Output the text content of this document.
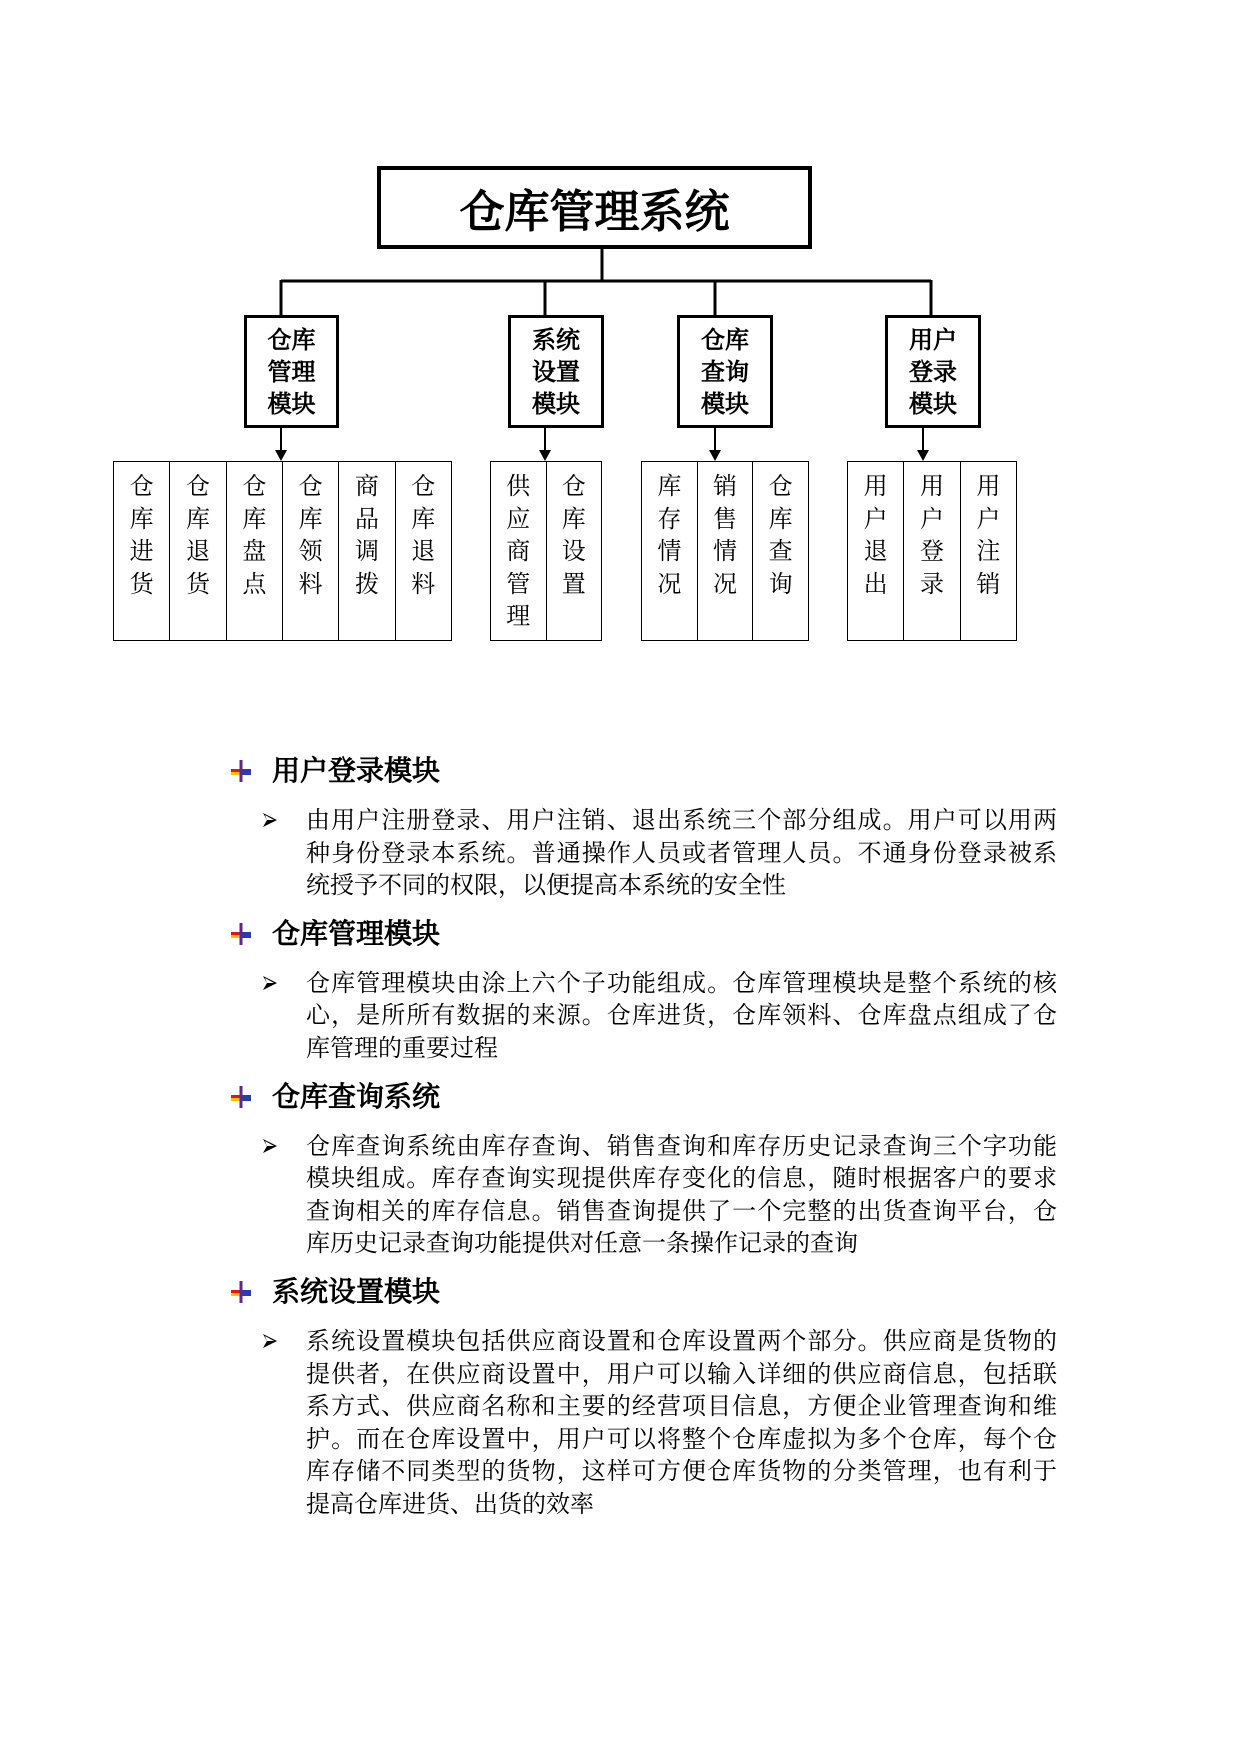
仓库管理系统
仓库管理模块
系统设置模块
仓库查询模块
用户登录模块
仓库进货
仓库退货
仓库盘点
仓库领料
商品调拨
仓库退料
供应商管理
仓库设置
库存情况
销售情况
仓库查询
用户退出
用户登录
用户注销
用户登录模块
由用户注册登录、用户注销、退出系统三个部分组成。用户可以用两
种身份登录本系统。普通操作人员或者管理人员。不通身份登录被系
统授予不同的权限，以便提高本系统的安全性
仓库管理模块
仓库管理模块由涂上六个子功能组成。仓库管理模块是整个系统的核
心，是所所有数据的来源。仓库进货，仓库领料、仓库盘点组成了仓
库管理的重要过程
仓库查询系统
仓库查询系统由库存查询、销售查询和库存历史记录查询三个字功能
模块组成。库存查询实现提供库存变化的信息，随时根据客户的要求
查询相关的库存信息。销售查询提供了一个完整的出货查询平台，仓
库历史记录查询功能提供对任意一条操作记录的查询
系统设置模块
系统设置模块包括供应商设置和仓库设置两个部分。供应商是货物的
提供者，在供应商设置中，用户可以输入详细的供应商信息，包括联
系方式、供应商名称和主要的经营项目信息，方便企业管理查询和维
护。而在仓库设置中，用户可以将整个仓库虚拟为多个仓库，每个仓
库存储不同类型的货物，这样可方便仓库货物的分类管理，也有利于
提高仓库进货、出货的效率
